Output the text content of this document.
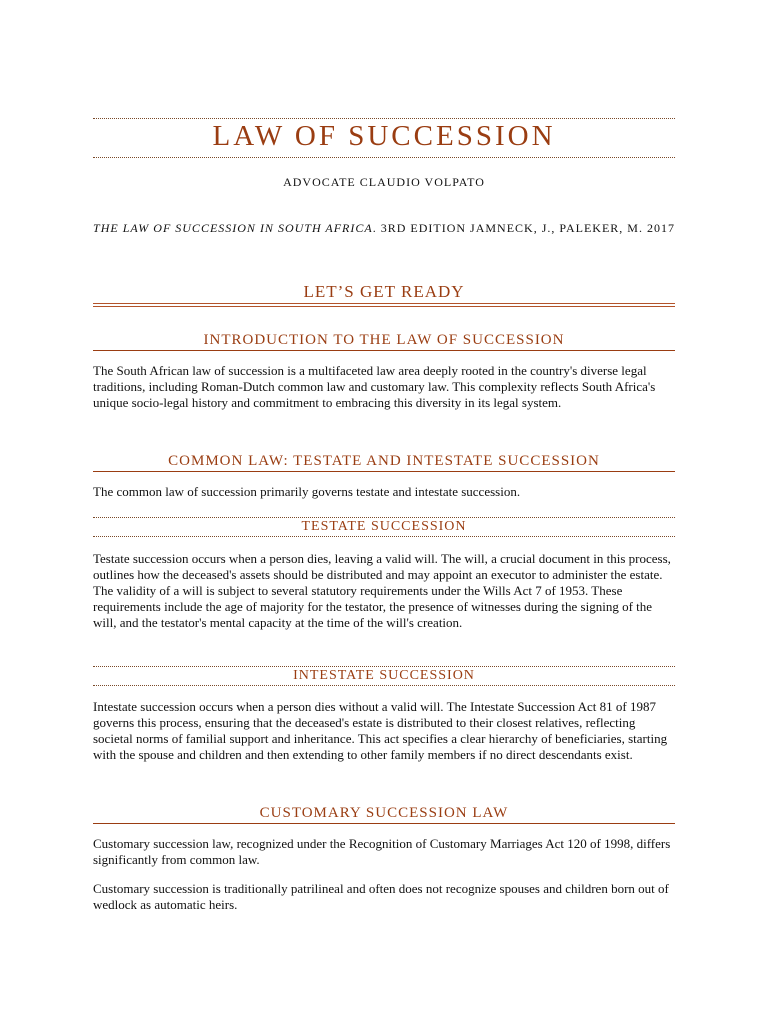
LAW OF SUCCESSION
ADVOCATE CLAUDIO VOLPATO
THE LAW OF SUCCESSION IN SOUTH AFRICA. 3RD EDITION JAMNECK, J., PALEKER, M. 2017
LET’S GET READY
INTRODUCTION TO THE LAW OF SUCCESSION

The South African law of succession is a multifaceted law area deeply rooted in the country's diverse legal traditions, including Roman-Dutch common law and customary law. This complexity reflects South Africa's unique socio-legal history and commitment to embracing this diversity in its legal system.

COMMON LAW: TESTATE AND INTESTATE SUCCESSION

The common law of succession primarily governs testate and intestate succession.

TESTATE SUCCESSION

Testate succession occurs when a person dies, leaving a valid will. The will, a crucial document in this process, outlines how the deceased's assets should be distributed and may appoint an executor to administer the estate. The validity of a will is subject to several statutory requirements under the Wills Act 7 of 1953. These requirements include the age of majority for the testator, the presence of witnesses during the signing of the will, and the testator's mental capacity at the time of the will's creation.

INTESTATE SUCCESSION

Intestate succession occurs when a person dies without a valid will. The Intestate Succession Act 81 of 1987 governs this process, ensuring that the deceased's estate is distributed to their closest relatives, reflecting societal norms of familial support and inheritance. This act specifies a clear hierarchy of beneficiaries, starting with the spouse and children and then extending to other family members if no direct descendants exist.

CUSTOMARY SUCCESSION LAW

Customary succession law, recognized under the Recognition of Customary Marriages Act 120 of 1998, differs significantly from common law.

Customary succession is traditionally patrilineal and often does not recognize spouses and children born out of wedlock as automatic heirs.
